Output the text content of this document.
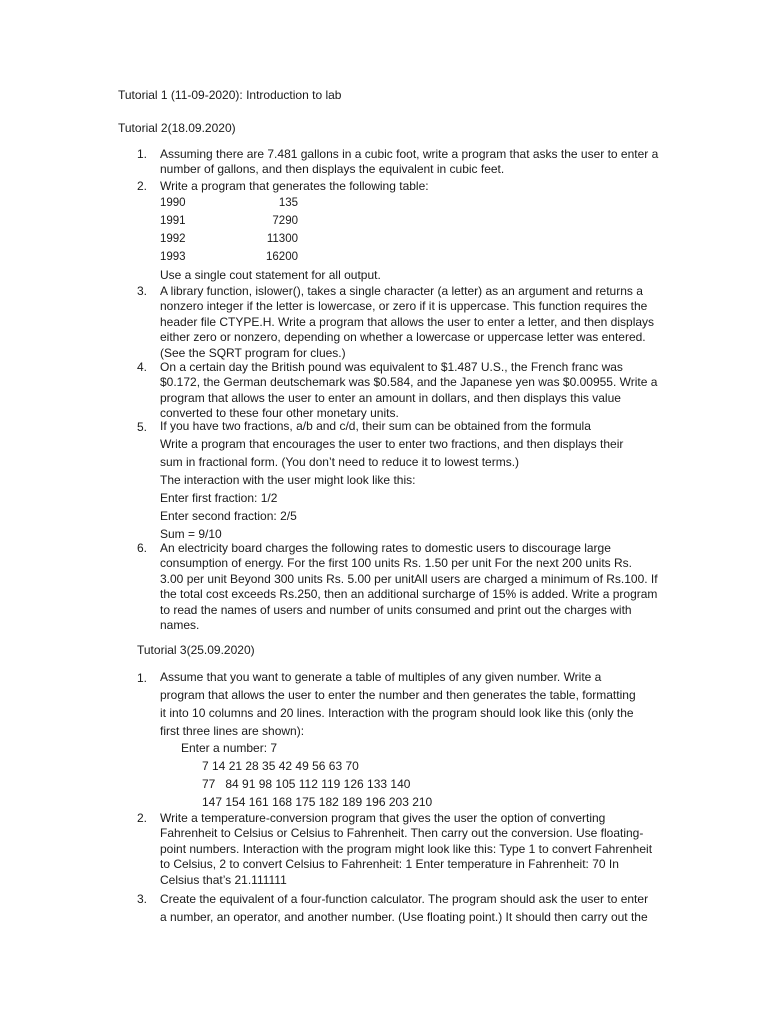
Tutorial 1 (11-09-2020): Introduction to lab
Tutorial 2(18.09.2020)
1.	Assuming there are 7.481 gallons in a cubic foot, write a program that asks the user to enter a
number of gallons, and then displays the equivalent in cubic feet.
2.	Write a program that generates the following table:
1990	135
1991	7290
1992	11300
1993	16200
Use a single cout statement for all output.
3.	A library function, islower(), takes a single character (a letter) as an argument and returns a
nonzero integer if the letter is lowercase, or zero if it is uppercase. This function requires the
header file CTYPE.H. Write a program that allows the user to enter a letter, and then displays
either zero or nonzero, depending on whether a lowercase or uppercase letter was entered.
(See the SQRT program for clues.)
4.	On a certain day the British pound was equivalent to $1.487 U.S., the French franc was
$0.172, the German deutschemark was $0.584, and the Japanese yen was $0.00955. Write a
program that allows the user to enter an amount in dollars, and then displays this value
converted to these four other monetary units.
5.	If you have two fractions, a/b and c/d, their sum can be obtained from the formula
Write a program that encourages the user to enter two fractions, and then displays their
sum in fractional form. (You don’t need to reduce it to lowest terms.)
The interaction with the user might look like this:
Enter first fraction: 1/2
Enter second fraction: 2/5
Sum = 9/10
6.	An electricity board charges the following rates to domestic users to discourage large
consumption of energy. For the first 100 units Rs. 1.50 per unit For the next 200 units Rs.
3.00 per unit Beyond 300 units Rs. 5.00 per unitAll users are charged a minimum of Rs.100. If
the total cost exceeds Rs.250, then an additional surcharge of 15% is added. Write a program
to read the names of users and number of units consumed and print out the charges with
names.
Tutorial 3(25.09.2020)
1.	Assume that you want to generate a table of multiples of any given number. Write a
program that allows the user to enter the number and then generates the table, formatting
it into 10 columns and 20 lines. Interaction with the program should look like this (only the
first three lines are shown):
Enter a number: 7
7 14 21 28 35 42 49 56 63 70
77   84 91 98 105 112 119 126 133 140
147 154 161 168 175 182 189 196 203 210
2.	Write a temperature-conversion program that gives the user the option of converting
Fahrenheit to Celsius or Celsius to Fahrenheit. Then carry out the conversion. Use floating-
point numbers. Interaction with the program might look like this: Type 1 to convert Fahrenheit
to Celsius, 2 to convert Celsius to Fahrenheit: 1 Enter temperature in Fahrenheit: 70 In
Celsius that’s 21.111111
3.	Create the equivalent of a four-function calculator. The program should ask the user to enter
a number, an operator, and another number. (Use floating point.) It should then carry out the
